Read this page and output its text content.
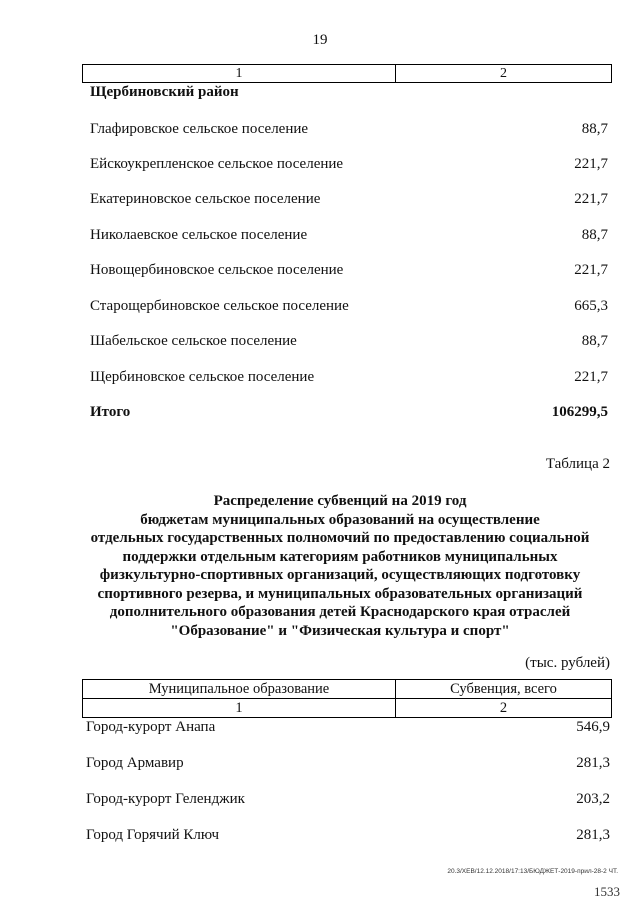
19
1	2
Щербиновский район
Глафировское сельское поселение	88,7
Ейскоукрепленское сельское поселение	221,7
Екатериновское сельское поселение	221,7
Николаевское сельское поселение	88,7
Новощербиновское сельское поселение	221,7
Старощербиновское сельское поселение	665,3
Шабельское сельское поселение	88,7
Щербиновское сельское поселение	221,7
Итого	106299,5
Таблица 2
Распределение субвенций на 2019 год
бюджетам муниципальных образований на осуществление
отдельных государственных полномочий по предоставлению социальной
поддержки отдельным категориям работников муниципальных
физкультурно-спортивных организаций, осуществляющих подготовку
спортивного резерва, и муниципальных образовательных организаций
дополнительного образования детей Краснодарского края отраслей
"Образование" и "Физическая культура и спорт"
(тыс. рублей)
Муниципальное образование	Субвенция, всего
1	2
Город-курорт Анапа	546,9
Город Армавир	281,3
Город-курорт Геленджик	203,2
Город Горячий Ключ	281,3
20.3/XEB/12.12.2018/17:13/БЮДЖЕТ-2019-прил-28-2 ЧТ.
1533
